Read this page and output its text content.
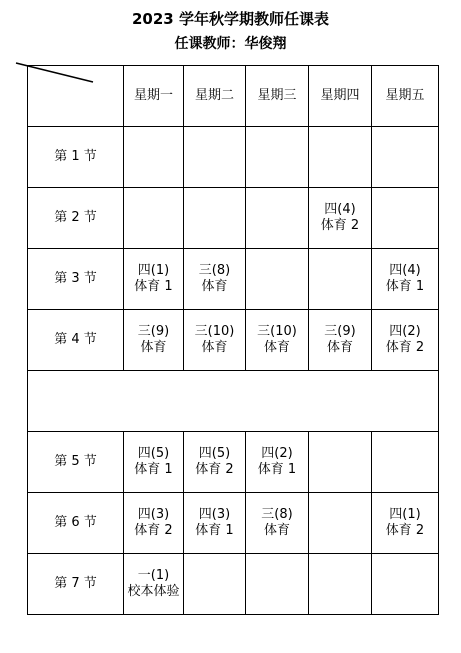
2023 学年秋学期教师任课表
任课教师：华俊翔
	星期一	星期二	星期三	星期四	星期五
第 1 节	

第 2 节				四(4)
体育 2	

第 3 节	四(1)
体育 1	三(8)
体育			四(4)
体育 1

第 4 节	三(9)
体育	三(10)
体育	三(10)
体育	三(9)
体育	四(2)
体育 2

第 5 节	四(5)
体育 1	四(5)
体育 2	四(2)
体育 1		

第 6 节	四(3)
体育 2	四(3)
体育 1	三(8)
体育		四(1)
体育 2

第 7 节	一(1)
校本体验				
